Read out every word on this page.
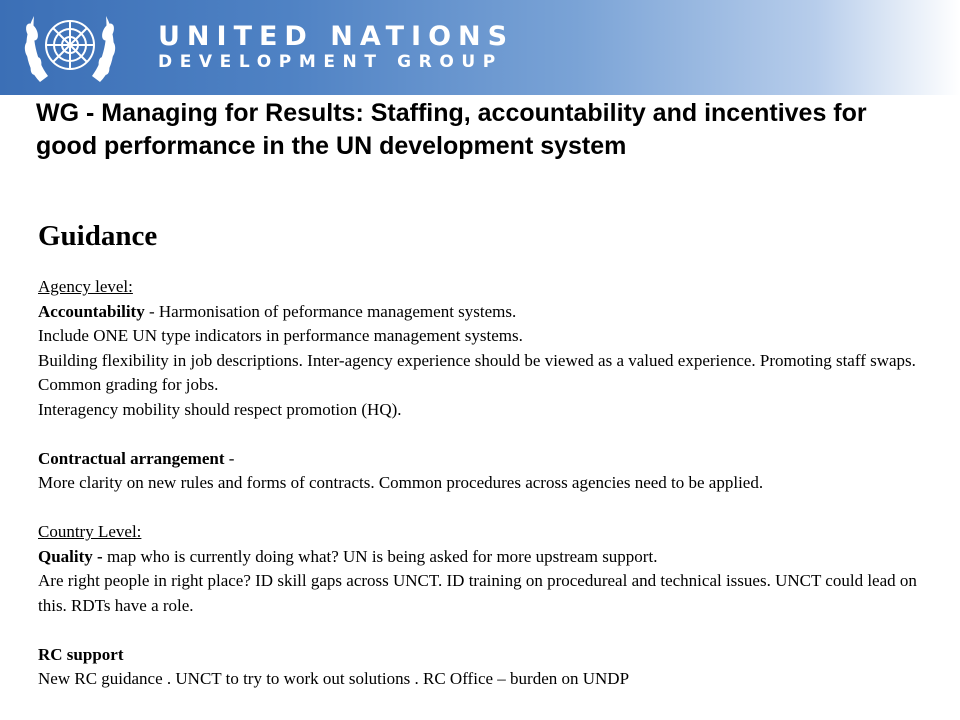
UNITED NATIONS
DEVELOPMENT GROUP
WG - Managing for Results: Staffing, accountability and incentives for good performance in the UN development system
Guidance

Agency level:

Accountability - Harmonisation of peformance management systems.

Include ONE UN type indicators in performance management systems.

Building flexibility in job descriptions. Inter-agency experience should be viewed as a valued experience. Promoting staff swaps. Common grading for jobs.

Interagency mobility should respect promotion (HQ).

Contractual arrangement -

More clarity on new rules and forms of contracts. Common procedures across agencies need to be applied.

Country Level:

Quality - map who is currently doing what? UN is being asked for more upstream support.

Are right people in right place? ID skill gaps across UNCT. ID training on procedureal and technical issues. UNCT could lead on this. RDTs have a role.

RC support

New RC guidance . UNCT to try to work out solutions . RC Office – burden on UNDP
